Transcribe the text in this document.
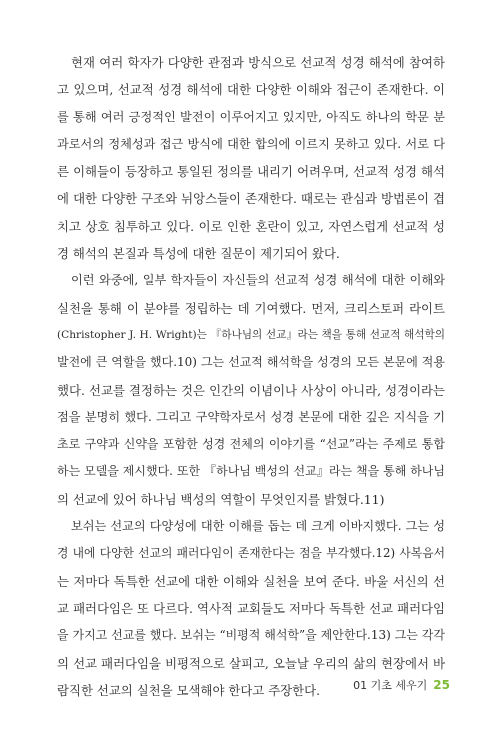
현재 여러 학자가 다양한 관점과 방식으로 선교적 성경 해석에 참여하
고 있으며, 선교적 성경 해석에 대한 다양한 이해와 접근이 존재한다. 이
를 통해 여러 긍정적인 발전이 이루어지고 있지만, 아직도 하나의 학문 분
과로서의 정체성과 접근 방식에 대한 합의에 이르지 못하고 있다. 서로 다
른 이해들이 등장하고 통일된 정의를 내리기 어려우며, 선교적 성경 해석
에 대한 다양한 구조와 뉘앙스들이 존재한다. 때로는 관심과 방법론이 겹
치고 상호 침투하고 있다. 이로 인한 혼란이 있고, 자연스럽게 선교적 성
경 해석의 본질과 특성에 대한 질문이 제기되어 왔다.
이런 와중에, 일부 학자들이 자신들의 선교적 성경 해석에 대한 이해와
실천을 통해 이 분야를 정립하는 데 기여했다. 먼저, 크리스토퍼 라이트
(Christopher J. H. Wright)는 『하나님의 선교』라는 책을 통해 선교적 해석학의
발전에 큰 역할을 했다.10) 그는 선교적 해석학을 성경의 모든 본문에 적용
했다. 선교를 결정하는 것은 인간의 이념이나 사상이 아니라, 성경이라는
점을 분명히 했다. 그리고 구약학자로서 성경 본문에 대한 깊은 지식을 기
초로 구약과 신약을 포함한 성경 전체의 이야기를 “선교”라는 주제로 통합
하는 모델을 제시했다. 또한 『하나님 백성의 선교』라는 책을 통해 하나님
의 선교에 있어 하나님 백성의 역할이 무엇인지를 밝혔다.11)
보쉬는 선교의 다양성에 대한 이해를 돕는 데 크게 이바지했다. 그는 성
경 내에 다양한 선교의 패러다임이 존재한다는 점을 부각했다.12) 사복음서
는 저마다 독특한 선교에 대한 이해와 실천을 보여 준다. 바울 서신의 선
교 패러다임은 또 다르다. 역사적 교회들도 저마다 독특한 선교 패러다임
을 가지고 선교를 했다. 보쉬는 “비평적 해석학”을 제안한다.13) 그는 각각
의 선교 패러다임을 비평적으로 살피고, 오늘날 우리의 삶의 현장에서 바
람직한 선교의 실천을 모색해야 한다고 주장한다.	01 기초 세우기 25
